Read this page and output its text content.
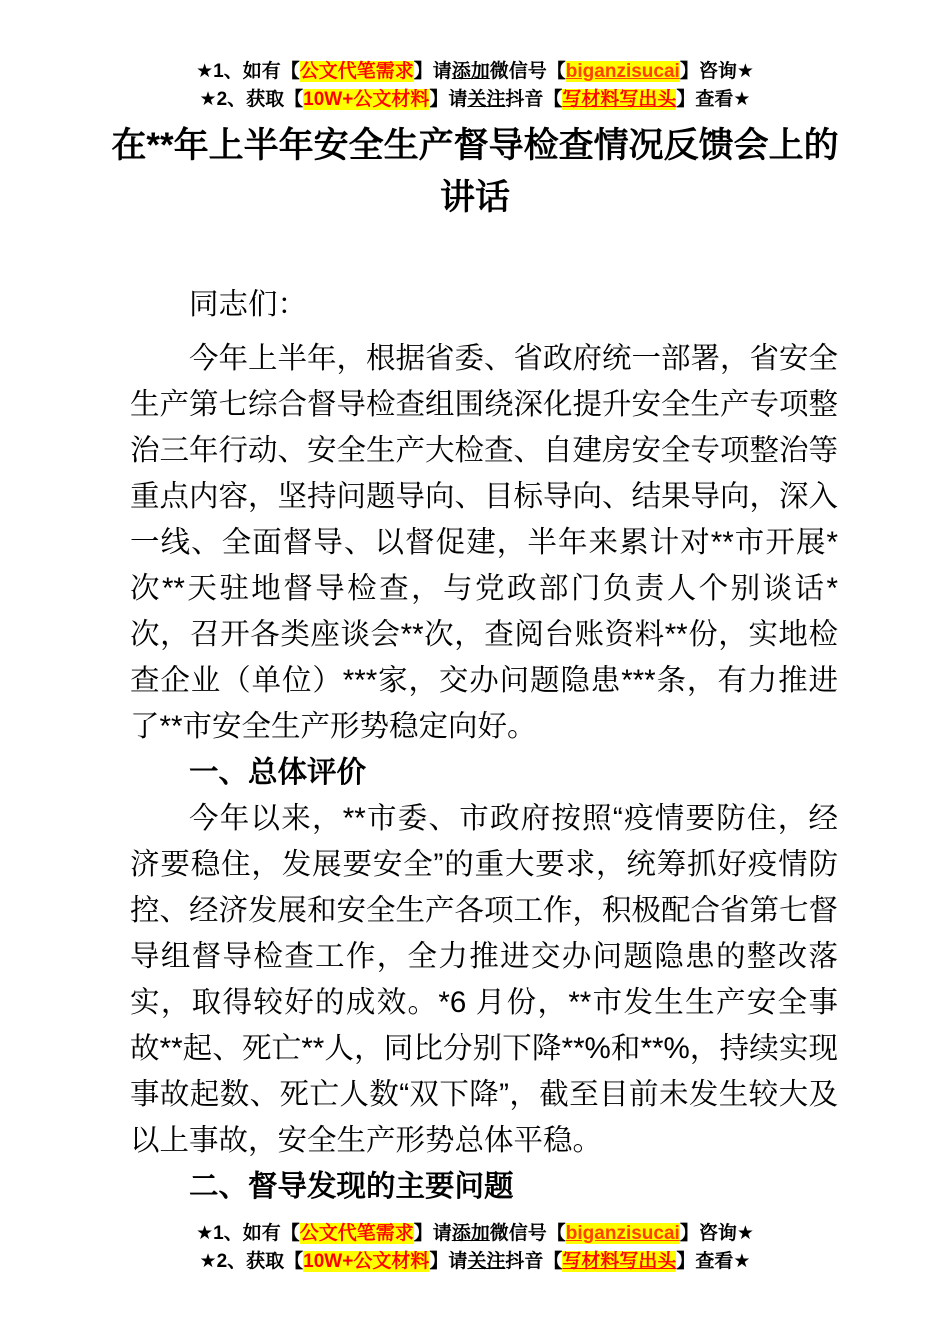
★1、如有【公文代笔需求】请添加微信号【biganzisucai】咨询★
★2、获取【10W+公文材料】请关注抖音【写材料写出头】查看★
在**年上半年安全生产督导检查情况反馈会上的讲话

同志们：

今年上半年，根据省委、省政府统一部署，省安全生产第七综合督导检查组围绕深化提升安全生产专项整治三年行动、安全生产大检查、自建房安全专项整治等重点内容，坚持问题导向、目标导向、结果导向，深入一线、全面督导、以督促建，半年来累计对**市开展*次**天驻地督导检查，与党政部门负责人个别谈话*次，召开各类座谈会**次，查阅台账资料**份，实地检查企业（单位）***家，交办问题隐患***条，有力推进了**市安全生产形势稳定向好。

一、总体评价

今年以来，**市委、市政府按照“疫情要防住，经济要稳住，发展要安全”的重大要求，统筹抓好疫情防控、经济发展和安全生产各项工作，积极配合省第七督导组督导检查工作，全力推进交办问题隐患的整改落实，取得较好的成效。*6 月份，**市发生生产安全事故**起、死亡**人，同比分别下降**%和**%，持续实现事故起数、死亡人数“双下降”，截至目前未发生较大及以上事故，安全生产形势总体平稳。

二、督导发现的主要问题

★1、如有【公文代笔需求】请添加微信号【biganzisucai】咨询★
★2、获取【10W+公文材料】请关注抖音【写材料写出头】查看★
